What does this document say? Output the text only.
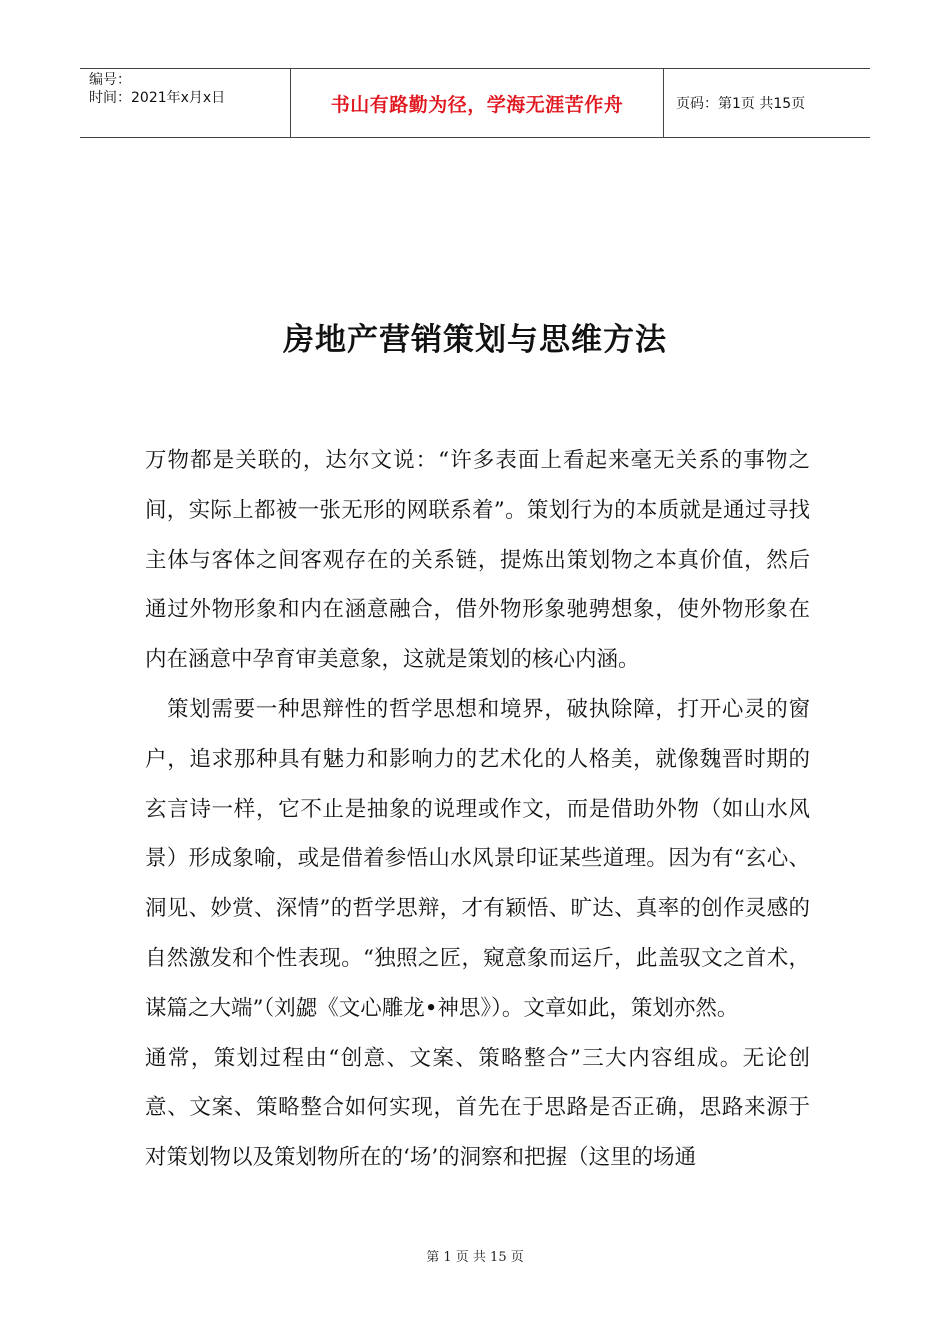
编号：
时间：2021年x月x日	书山有路勤为径，学海无涯苦作舟	页码：第1页 共15页
房地产营销策划与思维方法

万物都是关联的，达尔文说：“许多表面上看起来毫无关系的事物之间，实际上都被一张无形的网联系着”。策划行为的本质就是通过寻找主体与客体之间客观存在的关系链，提炼出策划物之本真价值，然后通过外物形象和内在涵意融合，借外物形象驰骋想象，使外物形象在内在涵意中孕育审美意象，这就是策划的核心内涵。

策划需要一种思辩性的哲学思想和境界，破执除障，打开心灵的窗户，追求那种具有魅力和影响力的艺术化的人格美，就像魏晋时期的玄言诗一样，它不止是抽象的说理或作文，而是借助外物（如山水风景）形成象喻，或是借着参悟山水风景印证某些道理。因为有“玄心、洞见、妙赏、深情”的哲学思辩，才有颖悟、旷达、真率的创作灵感的自然激发和个性表现。“独照之匠，窥意象而运斤，此盖驭文之首术，谋篇之大端”（刘勰《文心雕龙•神思》）。文章如此，策划亦然。

通常，策划过程由“创意、文案、策略整合”三大内容组成。无论创意、文案、策略整合如何实现，首先在于思路是否正确，思路来源于对策划物以及策划物所在的‘场’的洞察和把握（这里的场通

第 1 页 共 15 页
